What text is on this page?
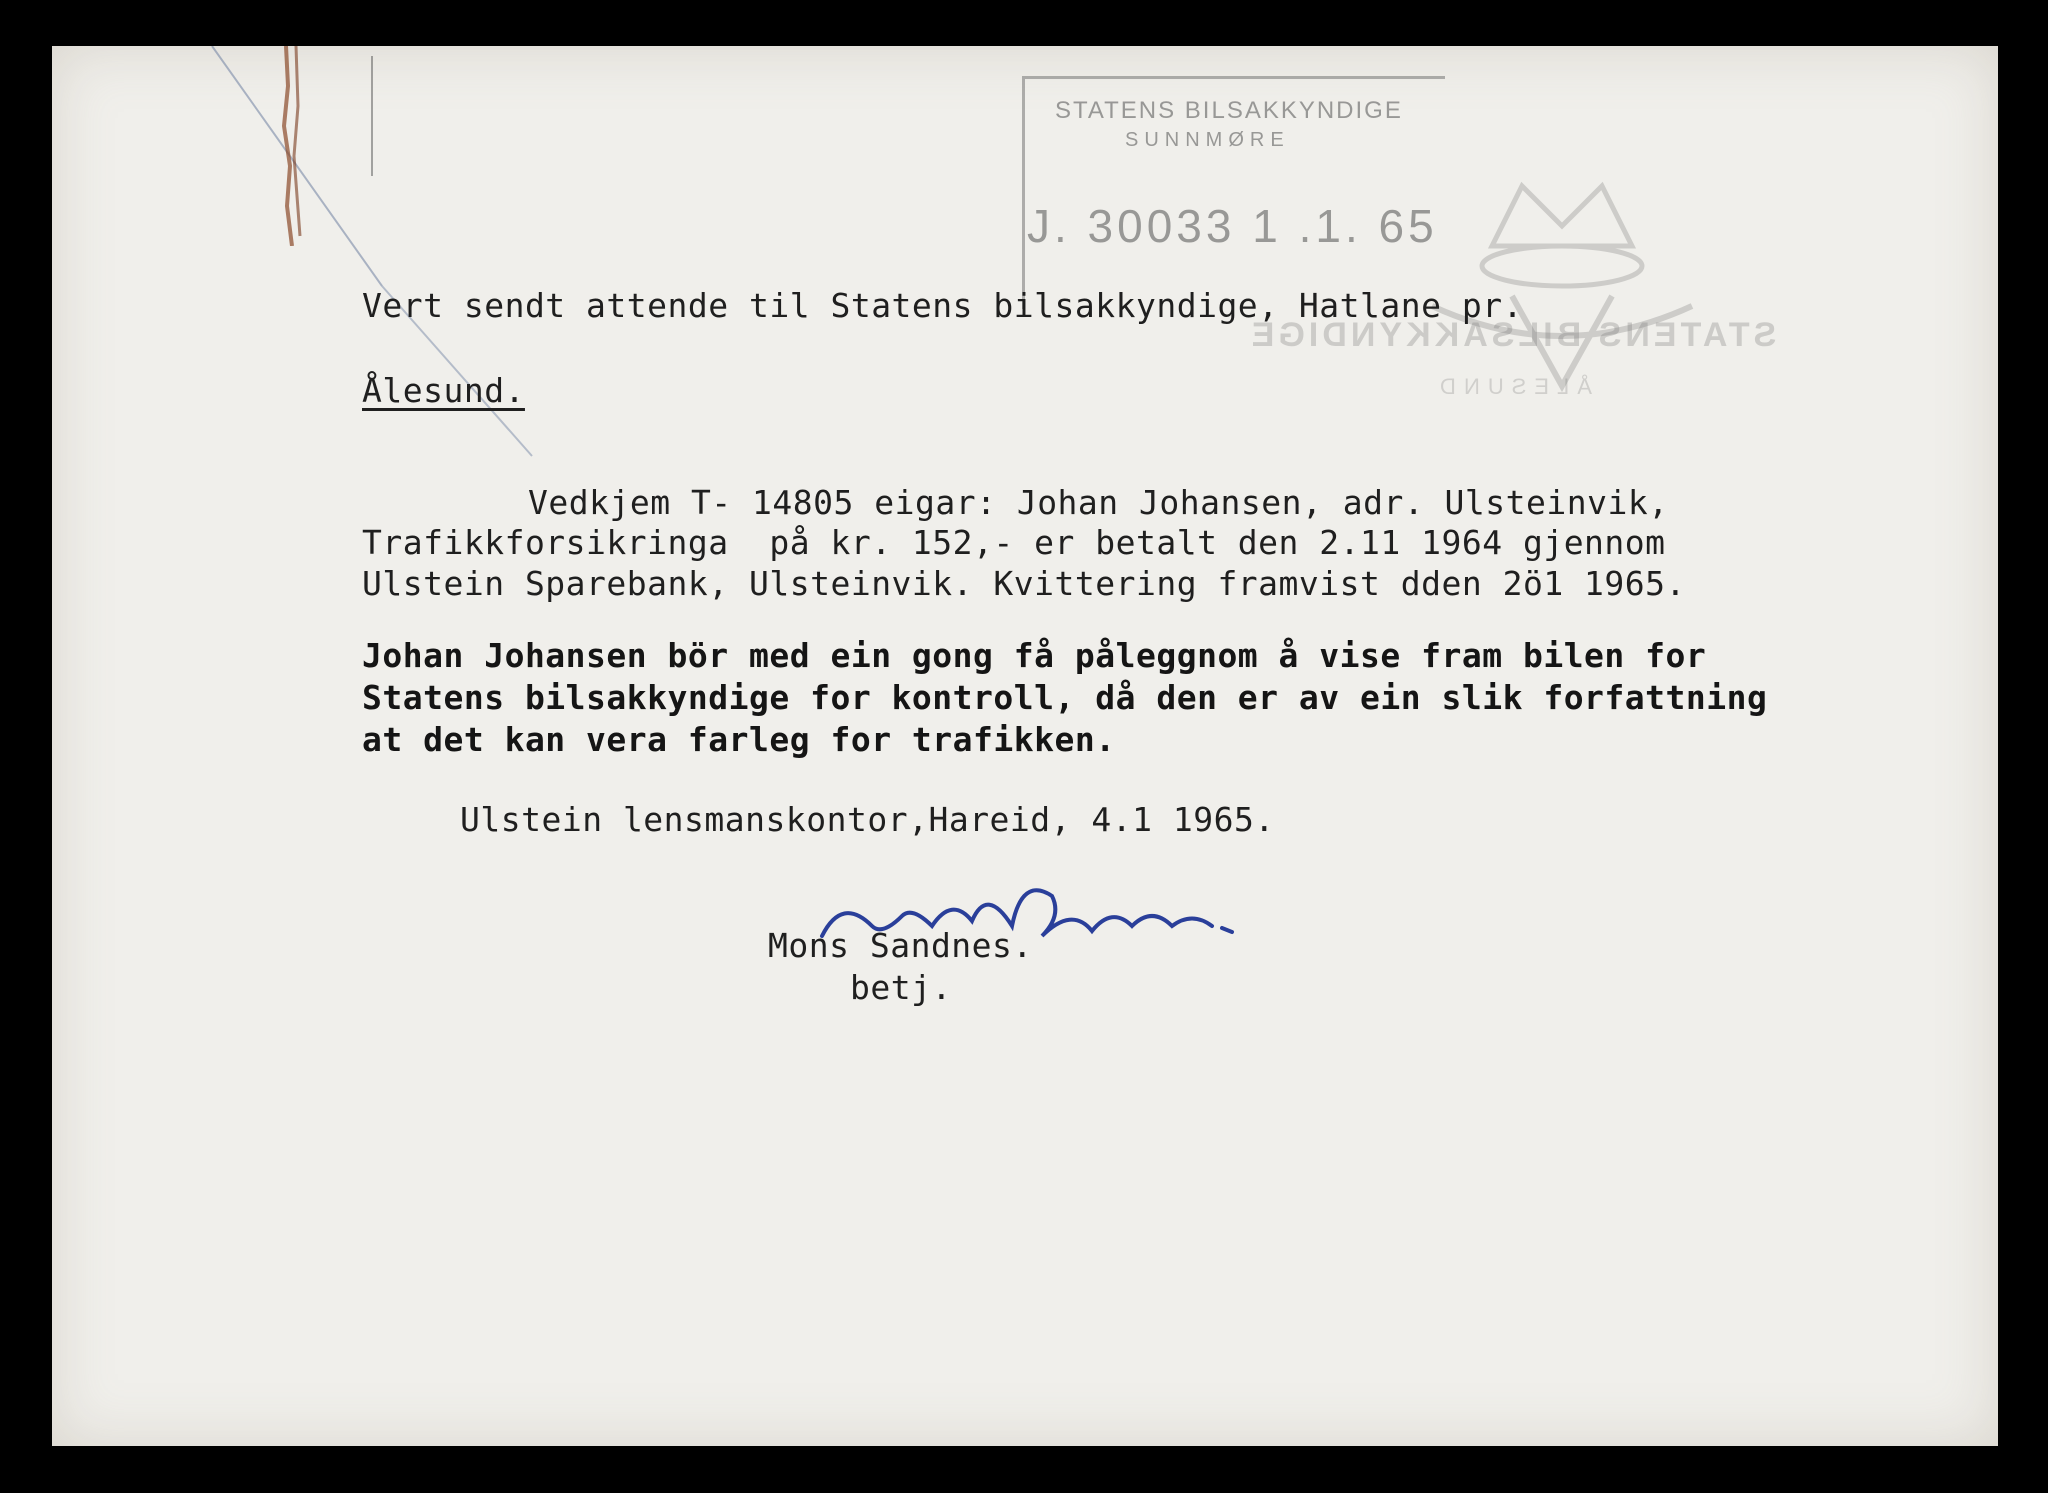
STATENS BILSAKKYNDIGE
SUNNMØRE
J. 30033 1 .1. 65
STATENS BILSAKKYNDIGE
ÅLESUND
Vert sendt attende til Statens bilsakkyndige, Hatlane pr.
Ålesund.
Vedkjem T- 14805 eigar: Johan Johansen, adr. Ulsteinvik,
Trafikkforsikringa  på kr. 152,- er betalt den 2.11 1964 gjennom
Ulstein Sparebank, Ulsteinvik. Kvittering framvist dden 2ö1 1965.
Johan Johansen bör med ein gong få påleggnom å vise fram bilen for
Statens bilsakkyndige for kontroll, då den er av ein slik forfattning
at det kan vera farleg for trafikken.
Ulstein lensmanskontor,Hareid, 4.1 1965.
Mons Sandnes.
betj.
